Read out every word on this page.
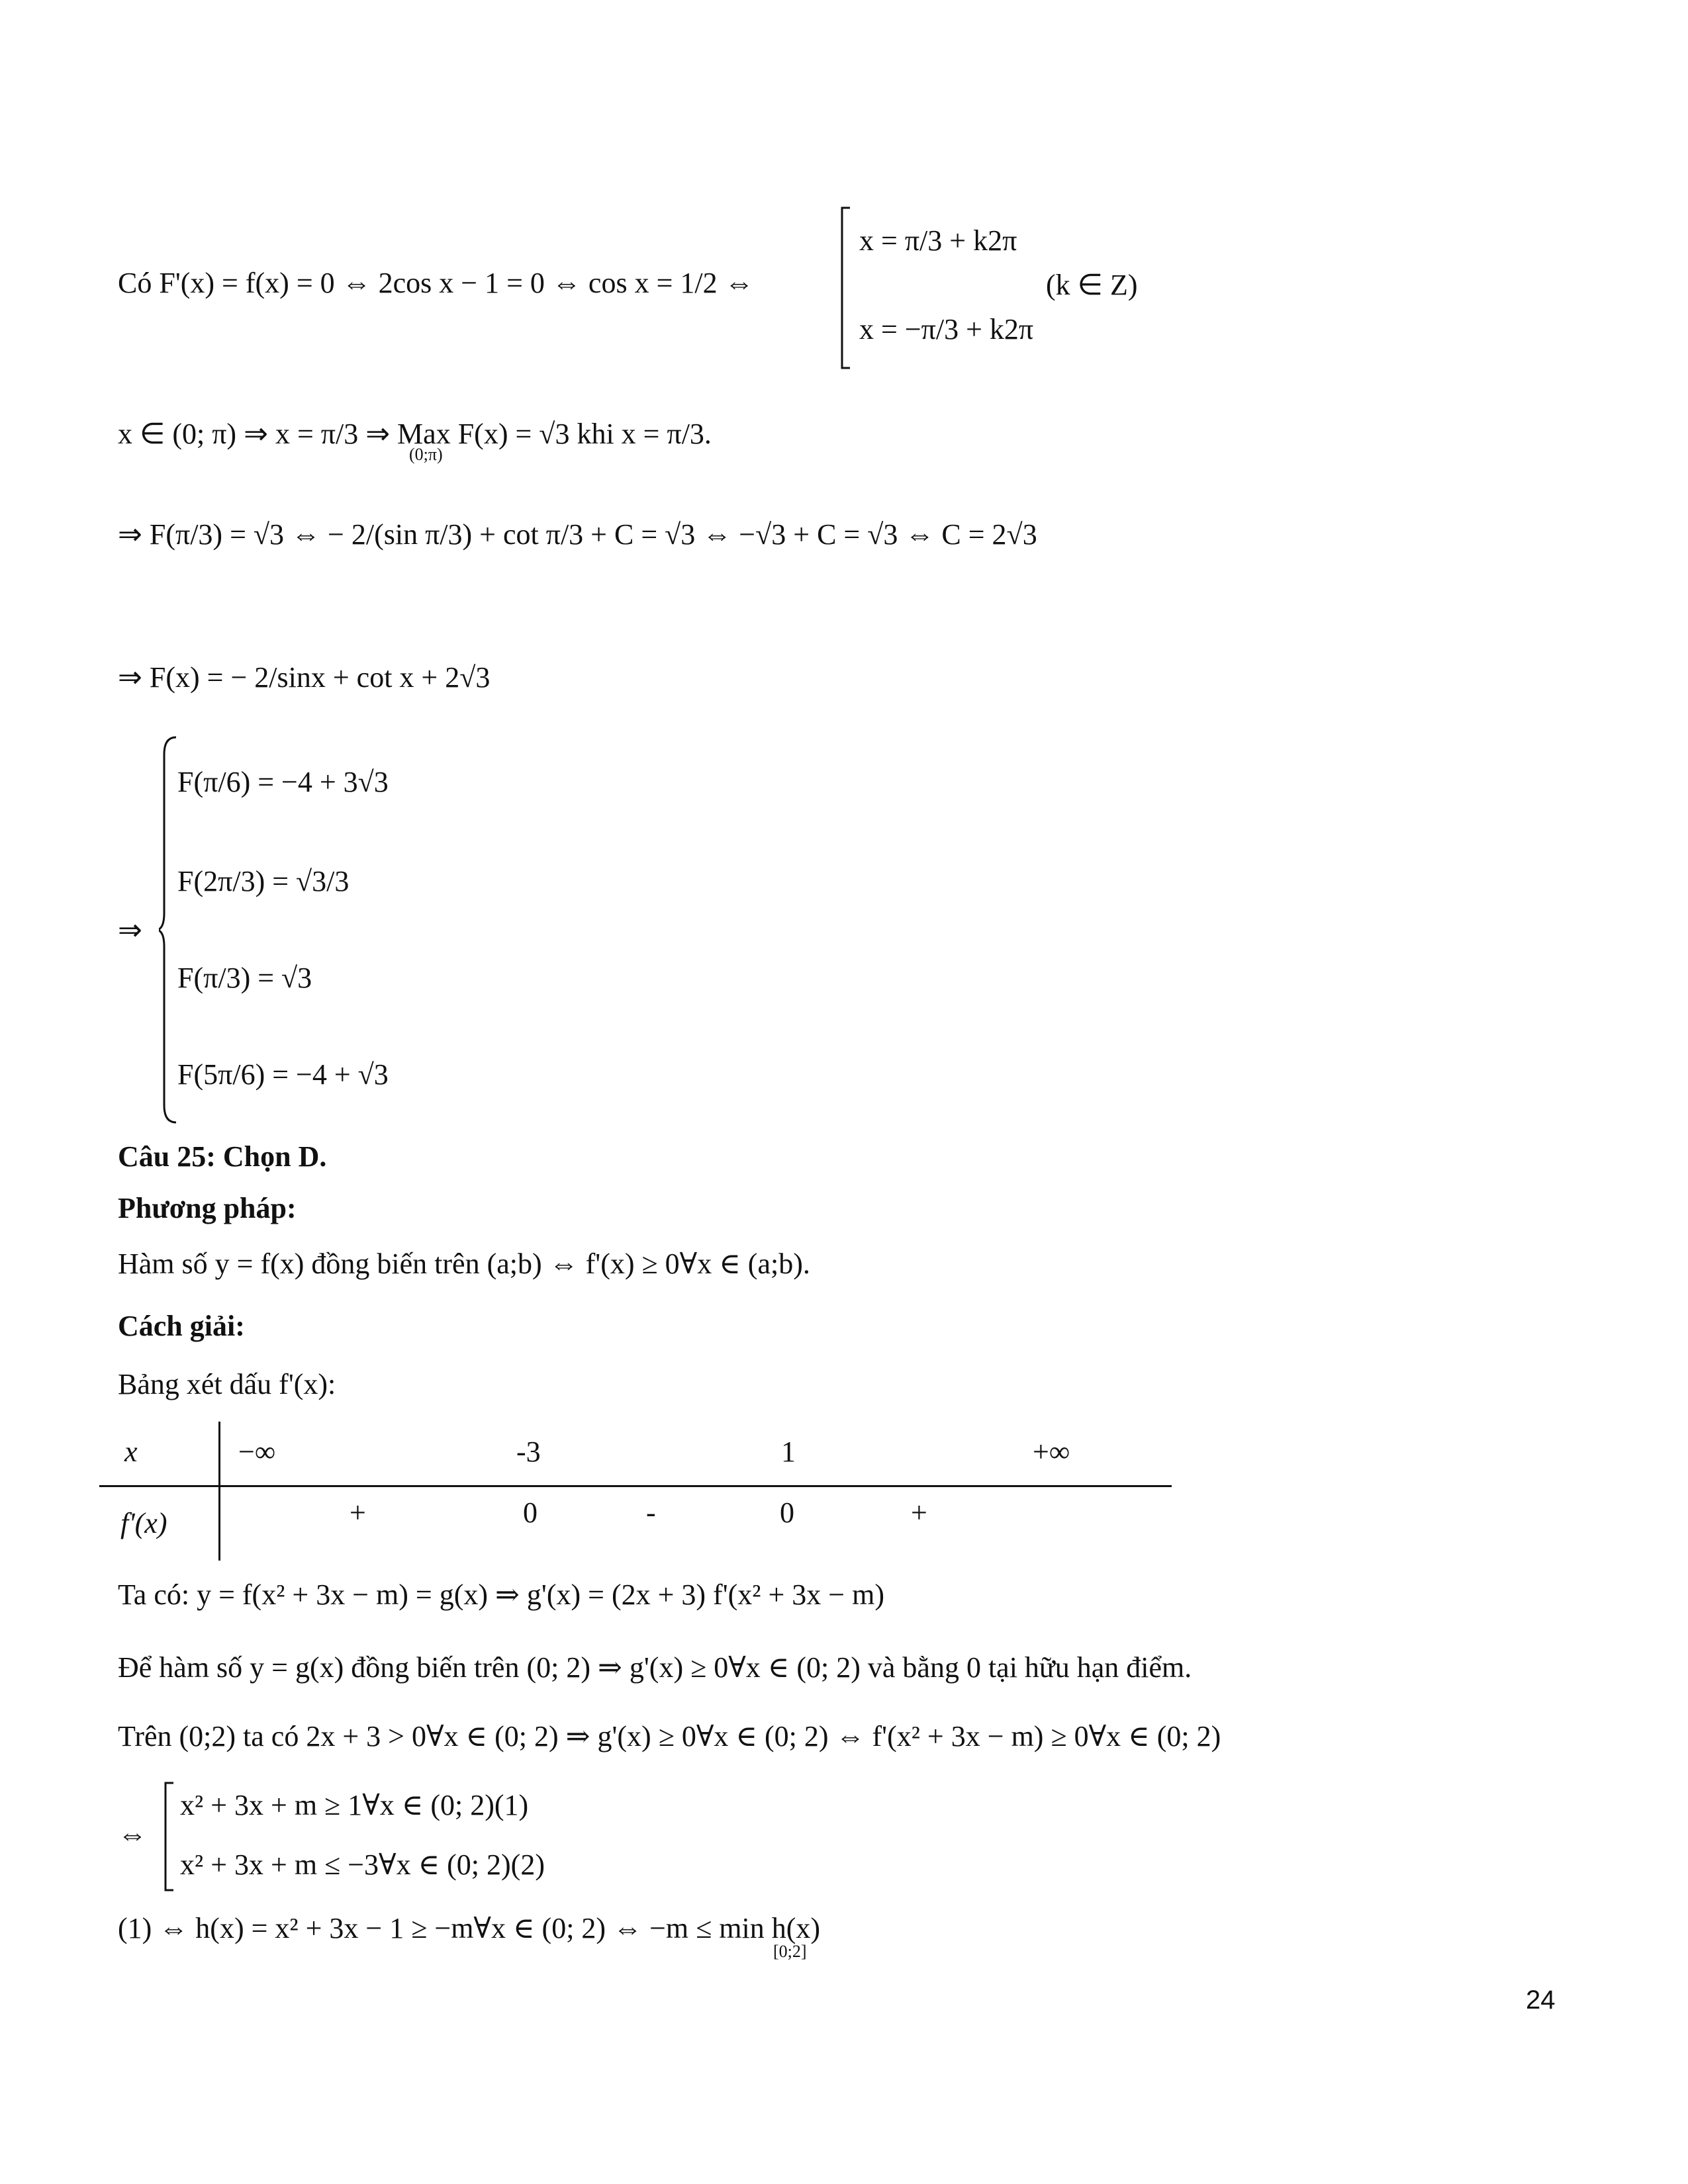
Có F'(x) = f(x) = 0 ⇔ 2cos x − 1 = 0 ⇔ cos x = 1/2 ⇔
x = π/3 + k2π
x = −π/3 + k2π
(k ∈ Z)
x ∈ (0; π) ⇒ x = π/3 ⇒ Max F(x) = √3 khi x = π/3.
(0;π)
⇒ F(π/3) = √3 ⇔ − 2/(sin π/3) + cot π/3 + C = √3 ⇔ −√3 + C = √3 ⇔ C = 2√3
⇒ F(x) = − 2/sinx + cot x + 2√3
⇒
F(π/6) = −4 + 3√3
F(2π/3) = √3/3
F(π/3) = √3
F(5π/6) = −4 + √3
Câu 25: Chọn D.
Phương pháp:
Hàm số y = f(x) đồng biến trên (a;b) ⇔ f'(x) ≥ 0∀x ∈ (a;b).
Cách giải:
Bảng xét dấu f'(x):
x	−∞	-3	1	+∞
f'(x)	+	0	-	0	+
Ta có: y = f(x² + 3x − m) = g(x) ⇒ g'(x) = (2x + 3) f'(x² + 3x − m)
Để hàm số y = g(x) đồng biến trên (0; 2) ⇒ g'(x) ≥ 0∀x ∈ (0; 2) và bằng 0 tại hữu hạn điểm.
Trên (0;2) ta có 2x + 3 > 0∀x ∈ (0; 2) ⇒ g'(x) ≥ 0∀x ∈ (0; 2) ⇔ f'(x² + 3x − m) ≥ 0∀x ∈ (0; 2)
⇔
x² + 3x + m ≥ 1∀x ∈ (0; 2)(1)
x² + 3x + m ≤ −3∀x ∈ (0; 2)(2)
(1) ⇔ h(x) = x² + 3x − 1 ≥ −m∀x ∈ (0; 2) ⇔ −m ≤ min h(x)
[0;2]
24
